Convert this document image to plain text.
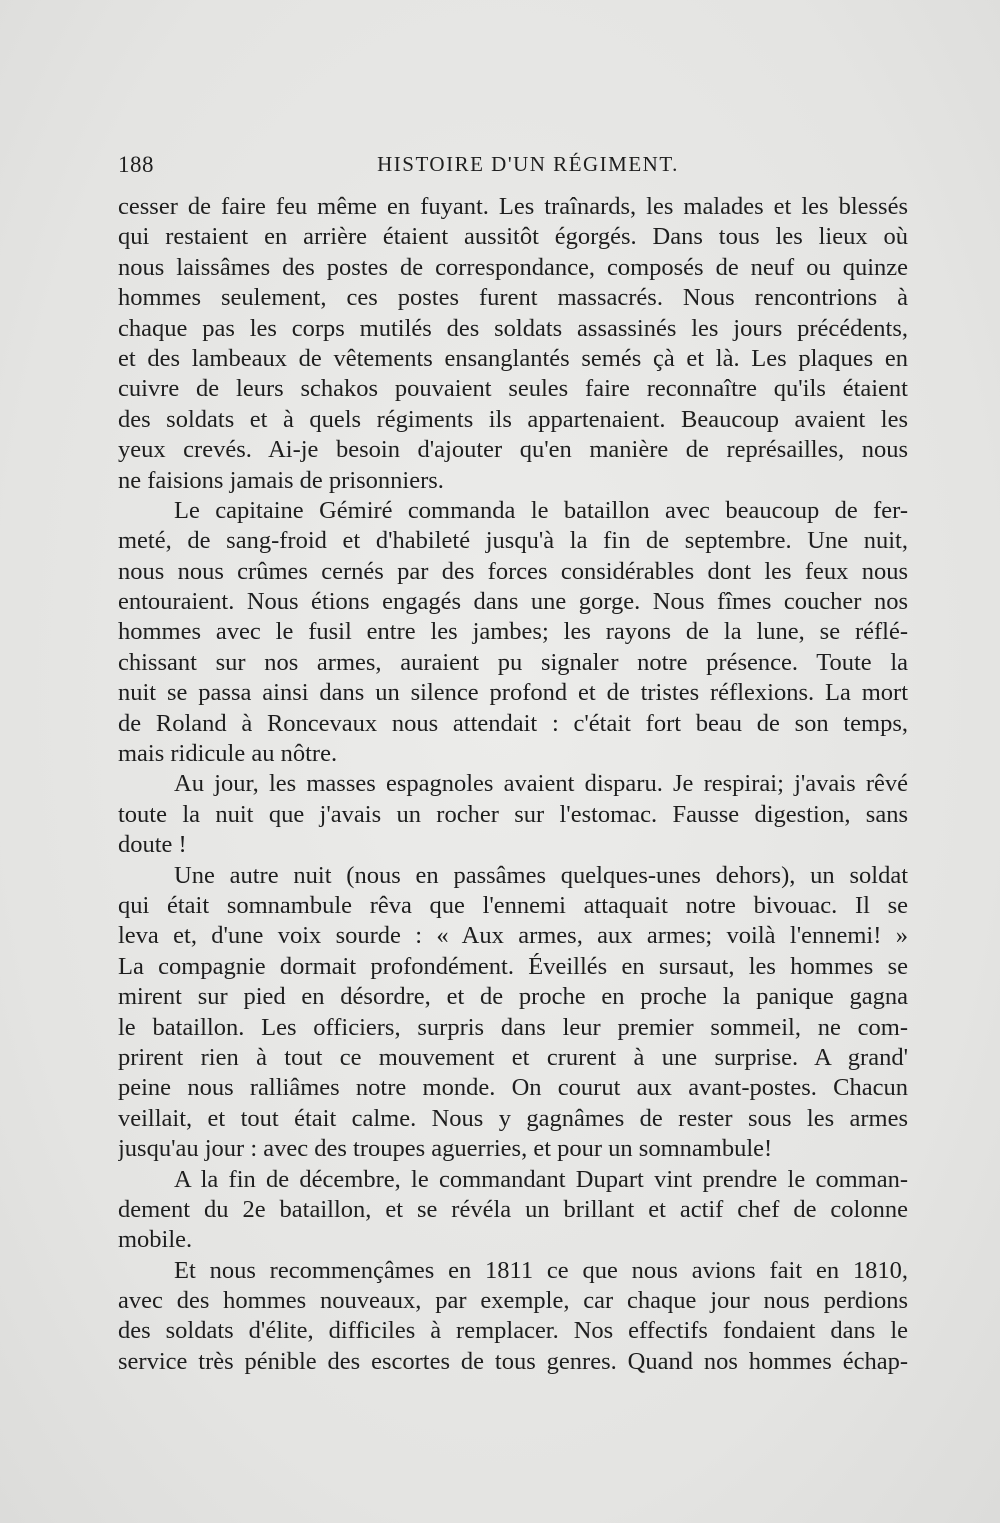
188	HISTOIRE D'UN RÉGIMENT.
cesser de faire feu même en fuyant. Les traînards, les malades et les blessés
qui restaient en arrière étaient aussitôt égorgés. Dans tous les lieux où
nous laissâmes des postes de correspondance, composés de neuf ou quinze
hommes seulement, ces postes furent massacrés. Nous rencontrions à
chaque pas les corps mutilés des soldats assassinés les jours précédents,
et des lambeaux de vêtements ensanglantés semés çà et là. Les plaques en
cuivre de leurs schakos pouvaient seules faire reconnaître qu'ils étaient
des soldats et à quels régiments ils appartenaient. Beaucoup avaient les
yeux crevés. Ai-je besoin d'ajouter qu'en manière de représailles, nous
ne faisions jamais de prisonniers.
Le capitaine Gémiré commanda le bataillon avec beaucoup de fer-
meté, de sang-froid et d'habileté jusqu'à la fin de septembre. Une nuit,
nous nous crûmes cernés par des forces considérables dont les feux nous
entouraient. Nous étions engagés dans une gorge. Nous fîmes coucher nos
hommes avec le fusil entre les jambes; les rayons de la lune, se réflé-
chissant sur nos armes, auraient pu signaler notre présence. Toute la
nuit se passa ainsi dans un silence profond et de tristes réflexions. La mort
de Roland à Roncevaux nous attendait : c'était fort beau de son temps,
mais ridicule au nôtre.
Au jour, les masses espagnoles avaient disparu. Je respirai; j'avais rêvé
toute la nuit que j'avais un rocher sur l'estomac. Fausse digestion, sans
doute !
Une autre nuit (nous en passâmes quelques-unes dehors), un soldat
qui était somnambule rêva que l'ennemi attaquait notre bivouac. Il se
leva et, d'une voix sourde : « Aux armes, aux armes; voilà l'ennemi! »
La compagnie dormait profondément. Éveillés en sursaut, les hommes se
mirent sur pied en désordre, et de proche en proche la panique gagna
le bataillon. Les officiers, surpris dans leur premier sommeil, ne com-
prirent rien à tout ce mouvement et crurent à une surprise. A grand'
peine nous ralliâmes notre monde. On courut aux avant-postes. Chacun
veillait, et tout était calme. Nous y gagnâmes de rester sous les armes
jusqu'au jour : avec des troupes aguerries, et pour un somnambule!
A la fin de décembre, le commandant Dupart vint prendre le comman-
dement du 2e bataillon, et se révéla un brillant et actif chef de colonne
mobile.
Et nous recommençâmes en 1811 ce que nous avions fait en 1810,
avec des hommes nouveaux, par exemple, car chaque jour nous perdions
des soldats d'élite, difficiles à remplacer. Nos effectifs fondaient dans le
service très pénible des escortes de tous genres. Quand nos hommes échap-
